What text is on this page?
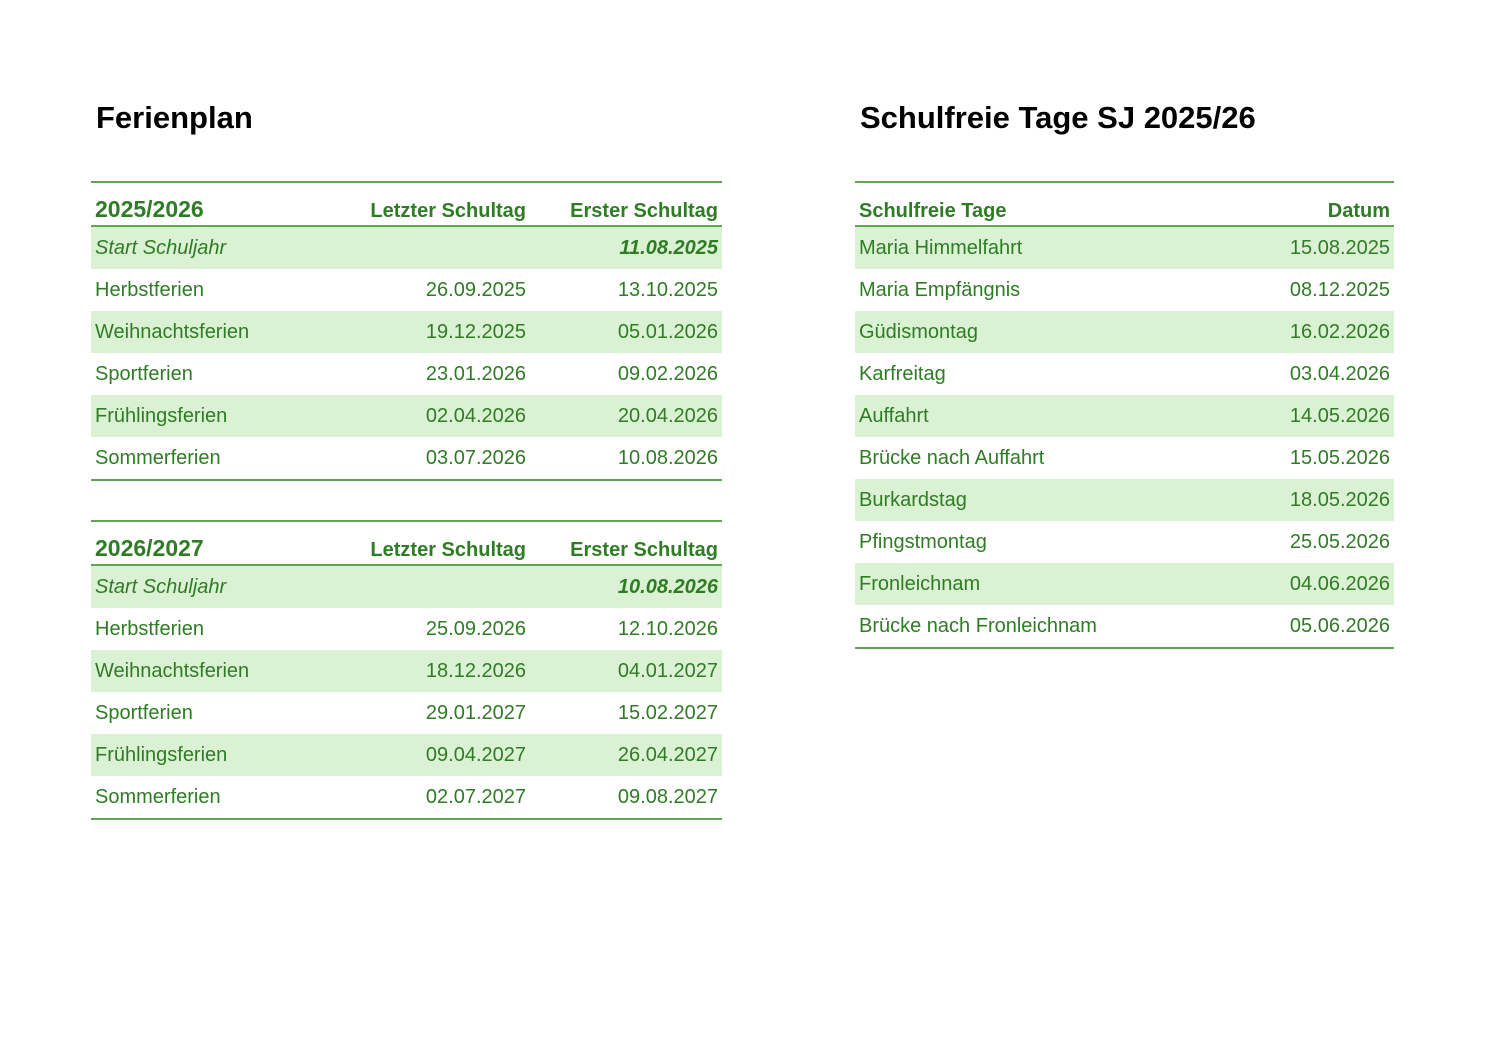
Ferienplan	Schulfreie Tage SJ 2025/26
2025/2026	Letzter Schultag	Erster Schultag
Start Schuljahr		11.08.2025
Herbstferien	26.09.2025	13.10.2025
Weihnachtsferien	19.12.2025	05.01.2026
Sportferien	23.01.2026	09.02.2026
Frühlingsferien	02.04.2026	20.04.2026
Sommerferien	03.07.2026	10.08.2026
2026/2027	Letzter Schultag	Erster Schultag
Start Schuljahr		10.08.2026
Herbstferien	25.09.2026	12.10.2026
Weihnachtsferien	18.12.2026	04.01.2027
Sportferien	29.01.2027	15.02.2027
Frühlingsferien	09.04.2027	26.04.2027
Sommerferien	02.07.2027	09.08.2027
Schulfreie Tage	Datum
Maria Himmelfahrt	15.08.2025
Maria Empfängnis	08.12.2025
Güdismontag	16.02.2026
Karfreitag	03.04.2026
Auffahrt	14.05.2026
Brücke nach Auffahrt	15.05.2026
Burkardstag	18.05.2026
Pfingstmontag	25.05.2026
Fronleichnam	04.06.2026
Brücke nach Fronleichnam	05.06.2026
